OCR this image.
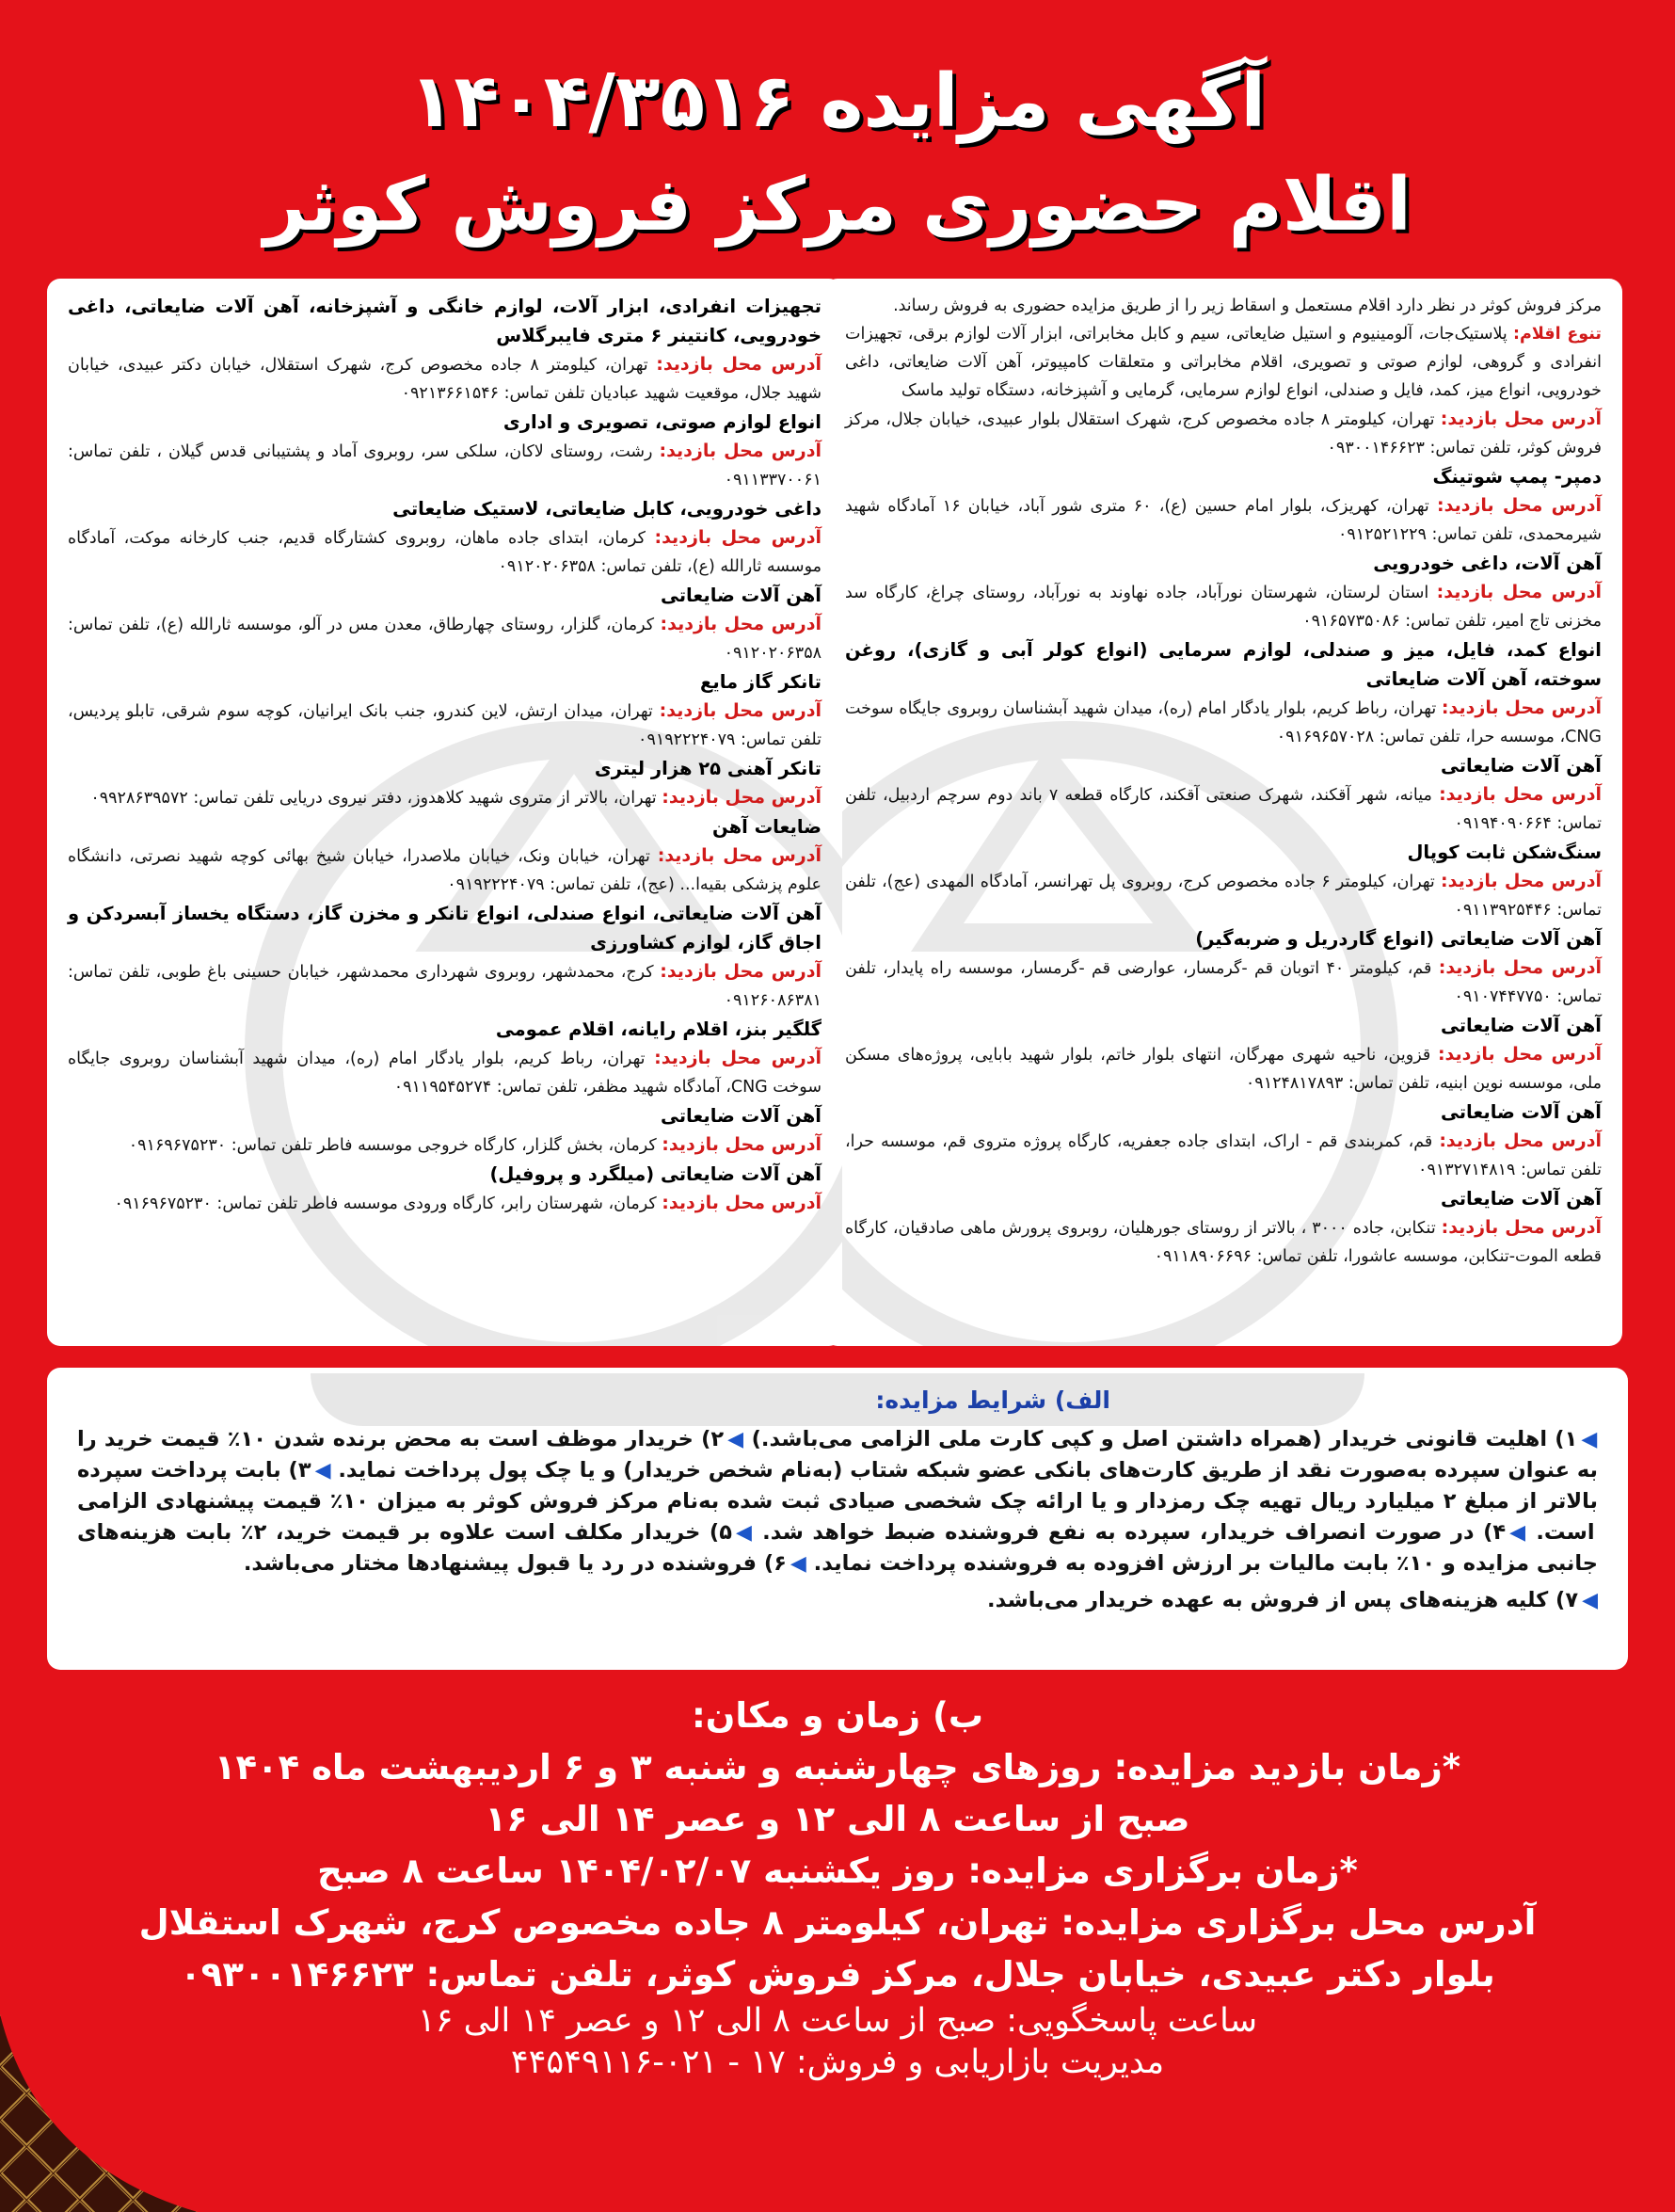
آگهی مزایده ۱۴۰۴/۳۵۱۶
اقلام حضوری مرکز فروش کوثر

مرکز فروش کوثر در نظر دارد اقلام مستعمل و اسقاط زیر را از طریق مزایده حضوری به فروش رساند.

تنوع اقلام: پلاستیک‌جات، آلومینیوم و استیل ضایعاتی، سیم و کابل مخابراتی، ابزار آلات لوازم برقی، تجهیزات انفرادی و گروهی، لوازم صوتی و تصویری، اقلام مخابراتی و متعلقات کامپیوتر، آهن آلات ضایعاتی، داغی خودرویی، انواع میز، کمد، فایل و صندلی، انواع لوازم سرمایی، گرمایی و آشپزخانه، دستگاه تولید ماسک

آدرس محل بازدید: تهران، کیلومتر ۸ جاده مخصوص کرج، شهرک استقلال بلوار عبیدی، خیابان جلال، مرکز فروش کوثر، تلفن تماس: ۰۹۳۰۰۱۴۶۶۲۳
دمپر- پمپ شوتینگ
آدرس محل بازدید: تهران، کهریزک، بلوار امام حسین (ع)، ۶۰ متری شور آباد، خیابان ۱۶ آمادگاه شهید شیرمحمدی، تلفن تماس: ۰۹۱۲۵۲۱۲۲۹
آهن آلات، داغی خودرویی
آدرس محل بازدید: استان لرستان، شهرستان نورآباد، جاده نهاوند به نورآباد، روستای چراغ، کارگاه سد مخزنی تاج امیر، تلفن تماس: ۰۹۱۶۵۷۳۵۰۸۶
انواع کمد، فایل، میز و صندلی، لوازم سرمایی (انواع کولر آبی و گازی)، روغن سوخته، آهن آلات ضایعاتی
آدرس محل بازدید: تهران، رباط کریم، بلوار یادگار امام (ره)، میدان شهید آبشناسان روبروی جایگاه سوخت CNG، موسسه حرا، تلفن تماس: ۰۹۱۶۹۶۵۷۰۲۸
آهن آلات ضایعاتی
آدرس محل بازدید: میانه، شهر آقکند، شهرک صنعتی آقکند، کارگاه قطعه ۷ باند دوم سرچم اردبیل، تلفن تماس: ۰۹۱۹۴۰۹۰۶۶۴
سنگ‌شکن ثابت کوپال
آدرس محل بازدید: تهران، کیلومتر ۶ جاده مخصوص کرج، روبروی پل تهرانسر، آمادگاه المهدی (عج)، تلفن تماس: ۰۹۱۱۳۹۲۵۴۴۶
آهن آلات ضایعاتی (انواع گاردریل و ضربه‌گیر)
آدرس محل بازدید: قم، کیلومتر ۴۰ اتوبان قم -گرمسار، عوارضی قم -گرمسار، موسسه راه پایدار، تلفن تماس: ۰۹۱۰۷۴۴۷۷۵۰
آهن آلات ضایعاتی
آدرس محل بازدید: قزوین، ناحیه شهری مهرگان، انتهای بلوار خاتم، بلوار شهید بابایی، پروژه‌های مسکن ملی، موسسه نوین ابنیه، تلفن تماس: ۰۹۱۲۴۸۱۷۸۹۳
آهن آلات ضایعاتی
آدرس محل بازدید: قم، کمربندی قم - اراک، ابتدای جاده جعفریه، کارگاه پروژه متروی قم، موسسه حرا، تلفن تماس: ۰۹۱۳۲۷۱۴۸۱۹
آهن آلات ضایعاتی
آدرس محل بازدید: تنکابن، جاده ۳۰۰۰ ، بالاتر از روستای جورهلیان، روبروی پرورش ماهی صادقیان، کارگاه قطعه الموت-تنکابن، موسسه عاشورا، تلفن تماس: ۰۹۱۱۸۹۰۶۶۹۶
تجهیزات انفرادی، ابزار آلات، لوازم خانگی و آشپزخانه، آهن آلات ضایعاتی، داغی خودرویی، کانتینر ۶ متری فایبرگلاس
آدرس محل بازدید: تهران، کیلومتر ۸ جاده مخصوص کرج، شهرک استقلال، خیابان دکتر عبیدی، خیابان شهید جلال، موقعیت شهید عبادیان تلفن تماس: ۰۹۲۱۳۶۶۱۵۴۶
انواع لوازم صوتی، تصویری و اداری
آدرس محل بازدید: رشت، روستای لاکان، سلکی سر، روبروی آماد و پشتیبانی قدس گیلان ، تلفن تماس: ۰۹۱۱۳۳۷۰۰۶۱
داغی خودرویی، کابل ضایعاتی، لاستیک ضایعاتی
آدرس محل بازدید: کرمان، ابتدای جاده ماهان، روبروی کشتارگاه قدیم، جنب کارخانه موکت، آمادگاه موسسه ثارالله (ع)، تلفن تماس: ۰۹۱۲۰۲۰۶۳۵۸
آهن آلات ضایعاتی
آدرس محل بازدید: کرمان، گلزار، روستای چهارطاق، معدن مس در آلو، موسسه ثارالله (ع)، تلفن تماس: ۰۹۱۲۰۲۰۶۳۵۸
تانکر گاز مایع
آدرس محل بازدید: تهران، میدان ارتش، لاین کندرو، جنب بانک ایرانیان، کوچه سوم شرقی، تابلو پردیس، تلفن تماس: ۰۹۱۹۲۲۲۴۰۷۹
تانکر آهنی ۲۵ هزار لیتری
آدرس محل بازدید: تهران، بالاتر از متروی شهید کلاهدوز، دفتر نیروی دریایی تلفن تماس: ۰۹۹۲۸۶۳۹۵۷۲
ضایعات آهن
آدرس محل بازدید: تهران، خیابان ونک، خیابان ملاصدرا، خیابان شیخ بهائی کوچه شهید نصرتی، دانشگاه علوم پزشکی بقیه‌ا... (عج)، تلفن تماس: ۰۹۱۹۲۲۲۴۰۷۹
آهن آلات ضایعاتی، انواع صندلی، انواع تانکر و مخزن گاز، دستگاه یخساز آبسردکن و اجاق گاز، لوازم کشاورزی
آدرس محل بازدید: کرج، محمدشهر، روبروی شهرداری محمدشهر، خیابان حسینی باغ طوبی، تلفن تماس: ۰۹۱۲۶۰۸۶۳۸۱
گلگیر بنز، اقلام رایانه، اقلام عمومی
آدرس محل بازدید: تهران، رباط کریم، بلوار یادگار امام (ره)، میدان شهید آبشناسان روبروی جایگاه سوخت CNG، آمادگاه شهید مظفر، تلفن تماس: ۰۹۱۱۹۵۴۵۲۷۴
آهن آلات ضایعاتی
آدرس محل بازدید: کرمان، بخش گلزار، کارگاه خروجی موسسه فاطر تلفن تماس: ۰۹۱۶۹۶۷۵۲۳۰
آهن آلات ضایعاتی (میلگرد و پروفیل)
آدرس محل بازدید: کرمان، شهرستان رابر، کارگاه ورودی موسسه فاطر تلفن تماس: ۰۹۱۶۹۶۷۵۲۳۰
الف) شرایط مزایده:
◀۱) اهلیت قانونی خریدار (همراه داشتن اصل و کپی کارت ملی الزامی می‌باشد.) ◀۲) خریدار موظف است به محض برنده شدن ۱۰٪ قیمت خرید را به عنوان سپرده به‌صورت نقد از طریق کارت‌های بانکی عضو شبکه شتاب (به‌نام شخص خریدار) و یا چک پول پرداخت نماید. ◀۳) بابت پرداخت سپرده بالاتر از مبلغ ۲ میلیارد ریال تهیه چک رمزدار و یا ارائه چک شخصی صیادی ثبت شده به‌نام مرکز فروش کوثر به میزان ۱۰٪ قیمت پیشنهادی الزامی است. ◀۴) در صورت انصراف خریدار، سپرده به نفع فروشنده ضبط خواهد شد. ◀۵) خریدار مکلف است علاوه بر قیمت خرید، ۲٪ بابت هزینه‌های جانبی مزایده و ۱۰٪ بابت مالیات بر ارزش افزوده به فروشنده پرداخت نماید. ◀۶) فروشنده در رد یا قبول پیشنهادها مختار می‌باشد.
◀۷) کلیه هزینه‌های پس از فروش به عهده خریدار می‌باشد.
ب) زمان و مکان:
*زمان بازدید مزایده: روزهای چهارشنبه و شنبه ۳ و ۶ اردیبهشت ماه ۱۴۰۴
صبح از ساعت ۸ الی ۱۲ و عصر ۱۴ الی ۱۶
*زمان برگزاری مزایده: روز یکشنبه ۱۴۰۴/۰۲/۰۷ ساعت ۸ صبح
آدرس محل برگزاری مزایده: تهران، کیلومتر ۸ جاده مخصوص کرج، شهرک استقلال
بلوار دکتر عبیدی، خیابان جلال، مرکز فروش کوثر، تلفن تماس: ۰۹۳۰۰۱۴۶۶۲۳
ساعت پاسخگویی: صبح از ساعت ۸ الی ۱۲ و عصر ۱۴ الی ۱۶
مدیریت بازاریابی و فروش: ۱۷ - ۰۲۱-۴۴۵۴۹۱۱۶
